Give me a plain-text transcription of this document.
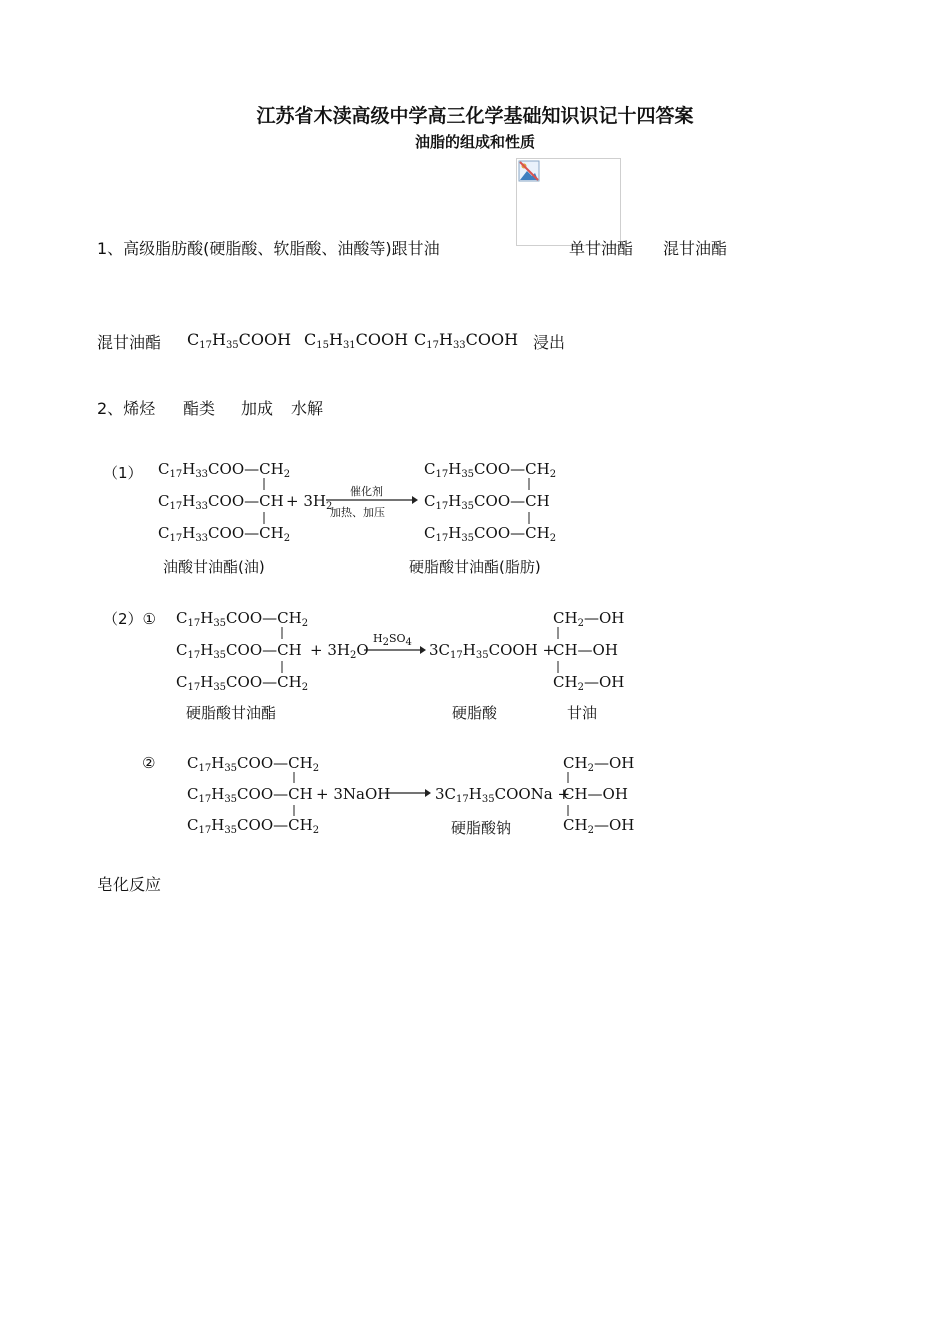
江苏省木渎高级中学高三化学基础知识识记十四答案
油脂的组成和性质
1、高级脂肪酸(硬脂酸、软脂酸、油酸等)跟甘油	单甘油酯 混甘油酯
混甘油酯 $C_{17}H_{35}COOH$ $C_{15}H_{31}COOH$ $C_{17}H_{33}COOH$ 浸出
2、烯烃 酯类 加成 水解
（1） $C_{17}H_{33}COO—CH_2$
$C_{17}H_{33}COO—CH$
$C_{17}H_{33}COO—CH_2$
+ $3H_2$
催化剂
加热、加压
$C_{17}H_{35}COO—CH_2$
$C_{17}H_{35}COO—CH$
$C_{17}H_{35}COO—CH_2$
油酸甘油酯(油)	硬脂酸甘油酯(脂肪)
（2）① $C_{17}H_{35}COO—CH_2$
$C_{17}H_{35}COO—CH$
$C_{17}H_{35}COO—CH_2$
+ $3H_2O$
$H_2SO_4$ → $3C_{17}H_{35}COOH$ +
$CH_2—OH$
CH—OH
$CH_2—OH$
硬脂酸甘油酯	硬脂酸	甘油
② $C_{17}H_{35}COO—CH_2$
$C_{17}H_{35}COO—CH$
$C_{17}H_{35}COO—CH_2$
+ 3NaOH → $3C_{17}H_{35}COONa$ +
$CH_2—OH$
CH—OH
$CH_2—OH$
硬脂酸钠
皂化反应
